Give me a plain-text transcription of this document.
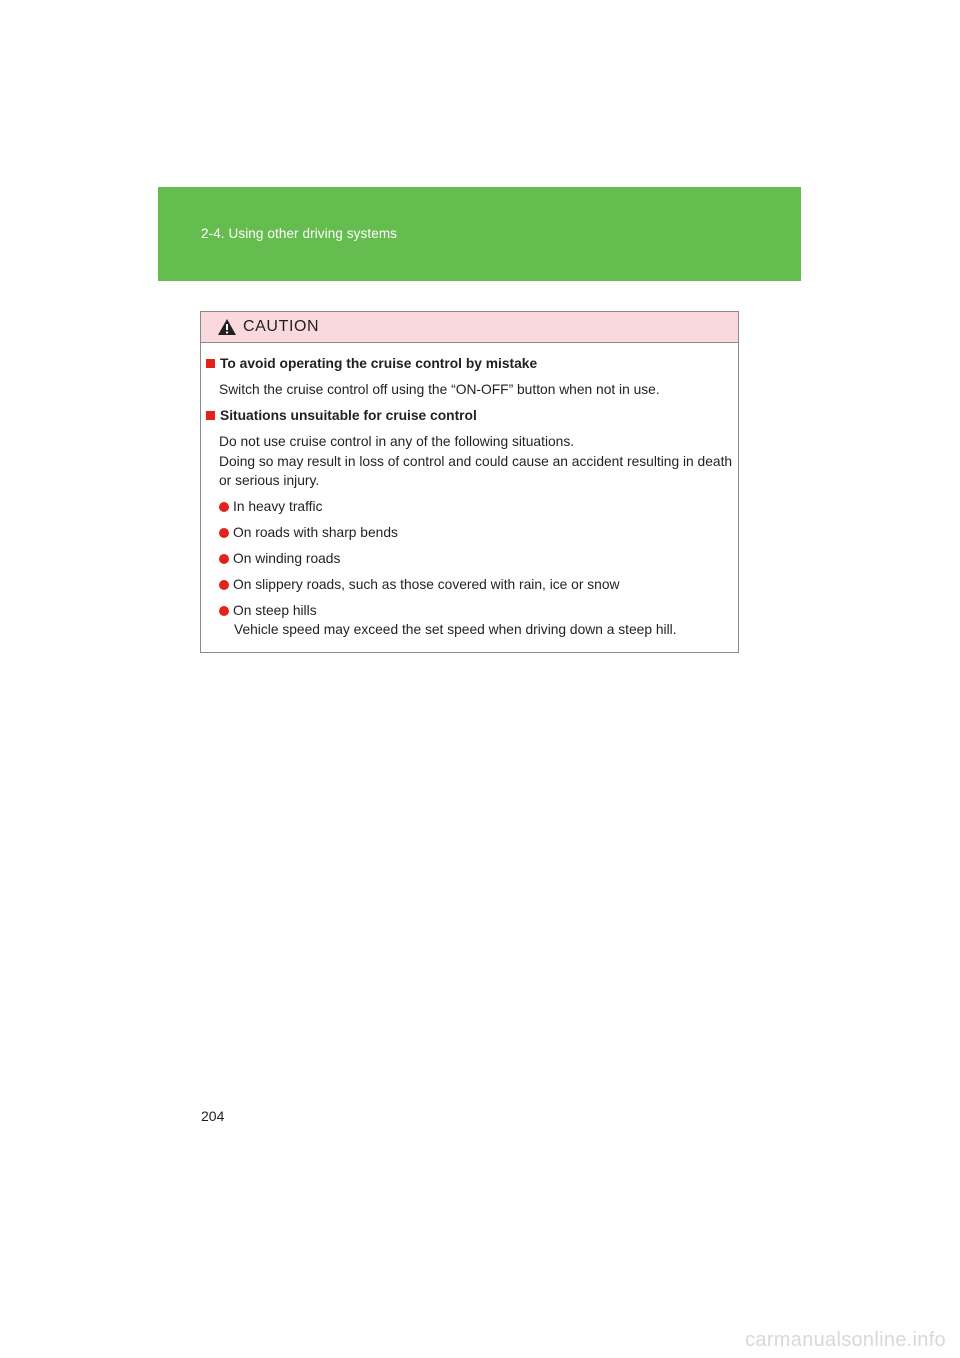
2-4. Using other driving systems
CAUTION
To avoid operating the cruise control by mistake
Switch the cruise control off using the “ON-OFF” button when not in use.
Situations unsuitable for cruise control
Do not use cruise control in any of the following situations.
Doing so may result in loss of control and could cause an accident resulting in death
or serious injury.
In heavy traffic
On roads with sharp bends
On winding roads
On slippery roads, such as those covered with rain, ice or snow
On steep hills
Vehicle speed may exceed the set speed when driving down a steep hill.
204
carmanualsonline.info
